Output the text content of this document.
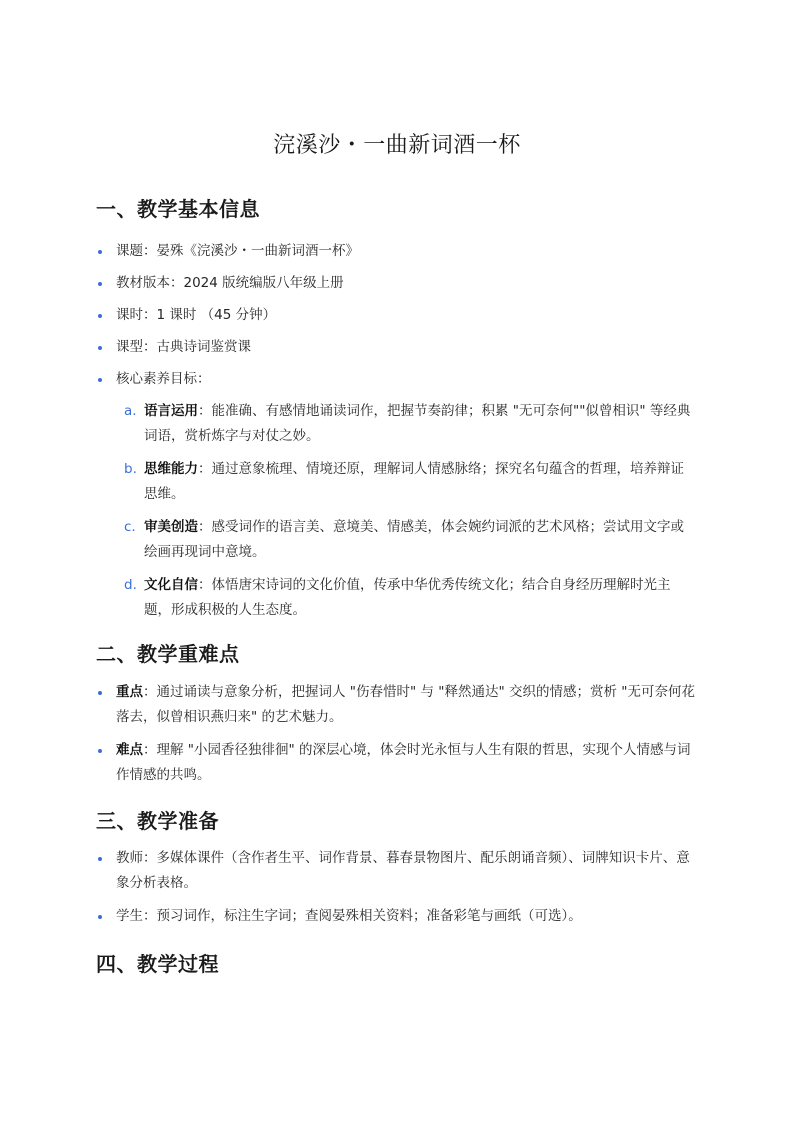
浣溪沙・一曲新词酒一杯
一、教学基本信息
课题：晏殊《浣溪沙・一曲新词酒一杯》
教材版本：2024 版统编版八年级上册
课时：1 课时 （45 分钟）
课型：古典诗词鉴赏课
核心素养目标：
a. 语言运用：能准确、有感情地诵读词作，把握节奏韵律；积累 "无可奈何""似曾相识" 等经典词语，赏析炼字与对仗之妙。
b. 思维能力：通过意象梳理、情境还原，理解词人情感脉络；探究名句蕴含的哲理，培养辩证思维。
c. 审美创造：感受词作的语言美、意境美、情感美，体会婉约词派的艺术风格；尝试用文字或绘画再现词中意境。
d. 文化自信：体悟唐宋诗词的文化价值，传承中华优秀传统文化；结合自身经历理解时光主题，形成积极的人生态度。
二、教学重难点
重点：通过诵读与意象分析，把握词人 "伤春惜时" 与 "释然通达" 交织的情感；赏析 "无可奈何花落去，似曾相识燕归来" 的艺术魅力。
难点：理解 "小园香径独徘徊" 的深层心境，体会时光永恒与人生有限的哲思，实现个人情感与词作情感的共鸣。
三、教学准备
教师：多媒体课件（含作者生平、词作背景、暮春景物图片、配乐朗诵音频）、词牌知识卡片、意象分析表格。
学生：预习词作，标注生字词；查阅晏殊相关资料；准备彩笔与画纸（可选）。
四、教学过程
